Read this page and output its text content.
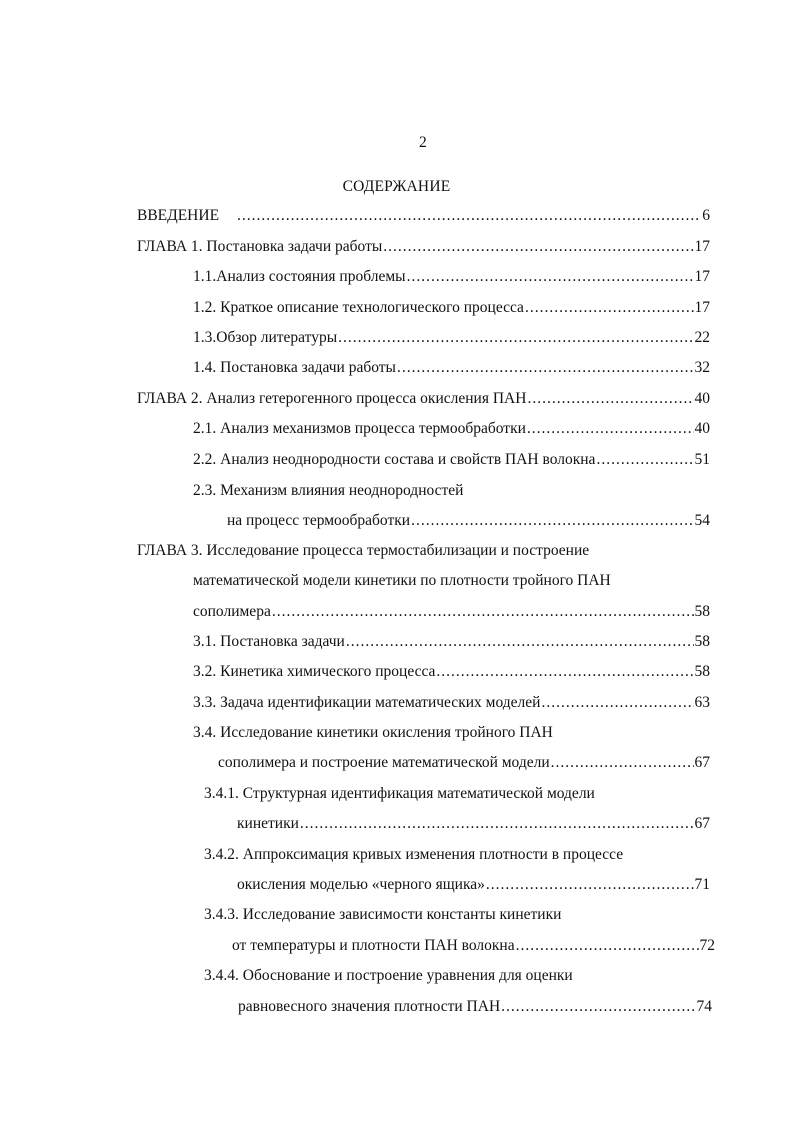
2
СОДЕРЖАНИЕ
ВВЕДЕНИЕ .....	6
ГЛАВА 1. Постановка задачи работы .....	17
1.1.Анализ состояния проблемы .....	17
1.2. Краткое описание технологического процесса .....	17
1.3.Обзор литературы .....	22
1.4. Постановка задачи работы .....	32
ГЛАВА 2. Анализ гетерогенного процесса окисления ПАН .....	40
2.1. Анализ механизмов процесса термообработки .....	40
2.2. Анализ неоднородности состава и свойств ПАН волокна .....	51
2.3. Механизм влияния неоднородностей
на процесс термообработки .....	54
ГЛАВА 3. Исследование процесса термостабилизации и построение
математической модели кинетики по плотности тройного ПАН
сополимера .....	58
3.1. Постановка задачи .....	58
3.2. Кинетика химического процесса .....	58
3.3. Задача идентификации математических моделей .....	63
3.4. Исследование кинетики окисления тройного ПАН
сополимера и построение математической модели .....	67
3.4.1. Структурная идентификация математической модели
кинетики .....	67
3.4.2. Аппроксимация кривых изменения плотности в процессе
окисления моделью «черного ящика» .....	71
3.4.3. Исследование зависимости константы кинетики
от температуры и плотности ПАН волокна .....	72
3.4.4. Обоснование и построение уравнения для оценки
равновесного значения плотности ПАН .....	74
